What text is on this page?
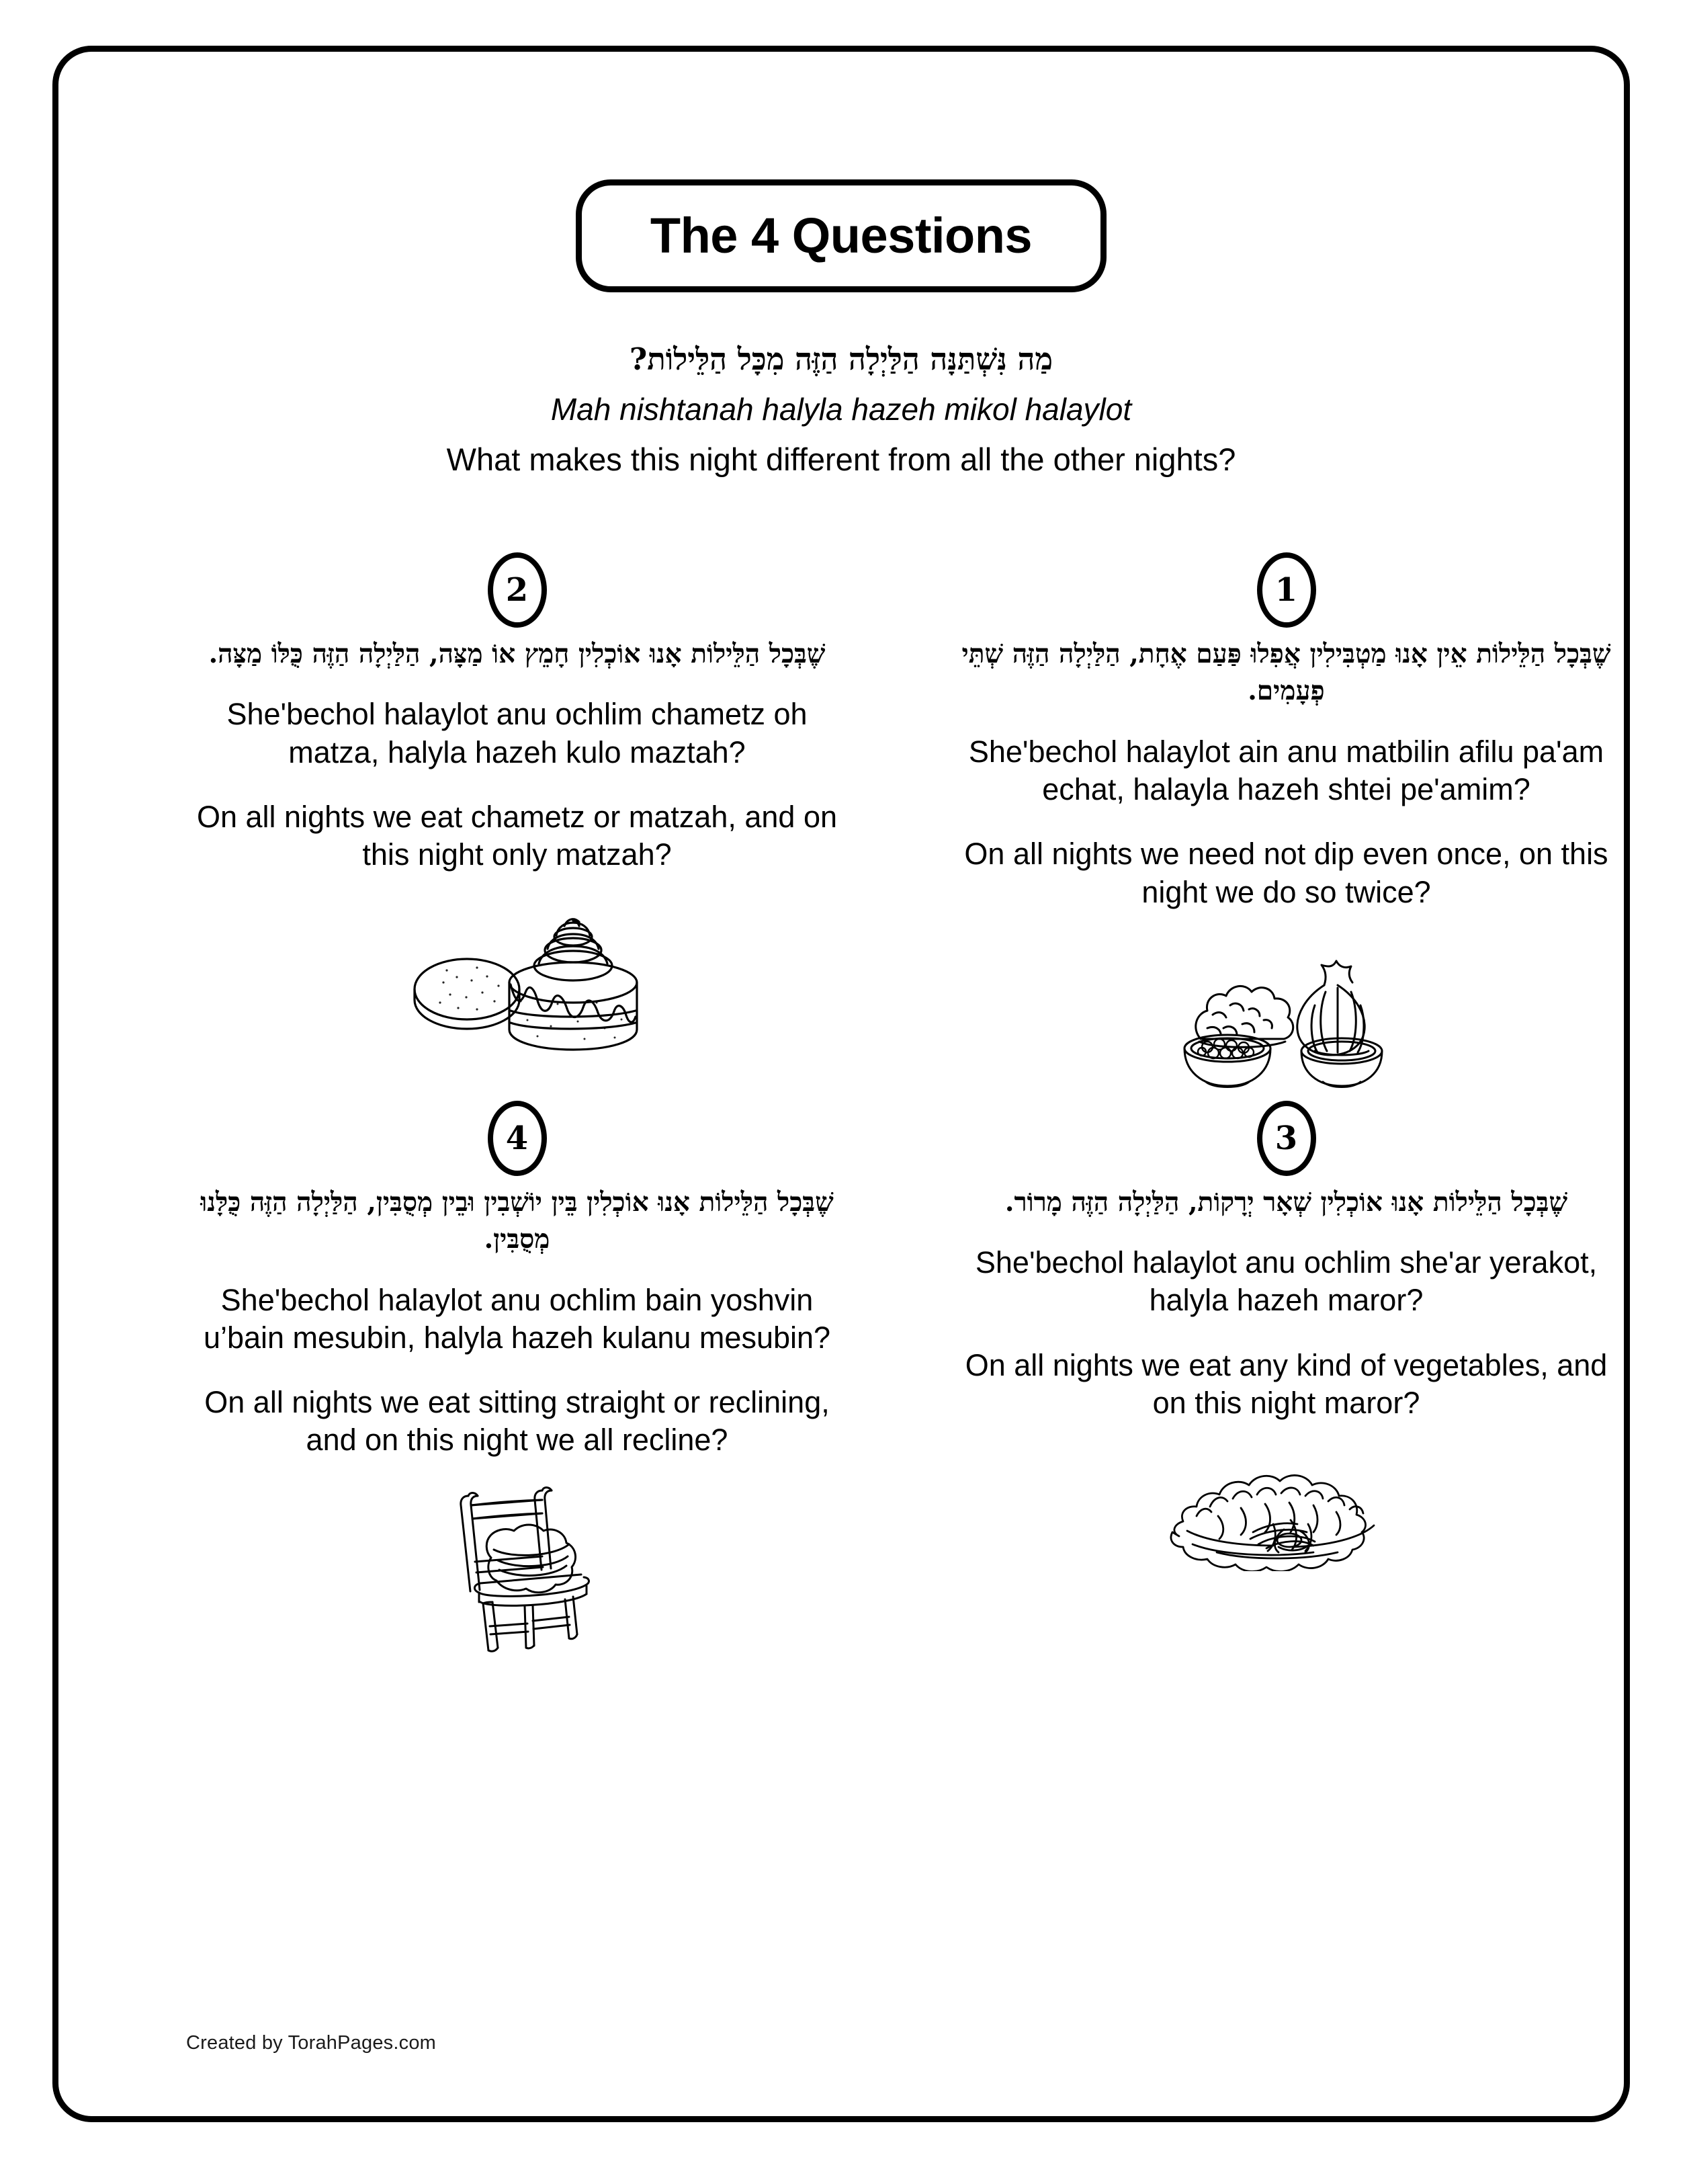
The 4 Questions
מַה נִּשְׁתַּנָּה הַלַּיְלָה הַזֶּה מִכָּל הַלֵּילוֹת?
Mah nishtanah halyla hazeh mikol halaylot
What makes this night different from all the other nights?
2
שֶׁבְּכָל הַלֵּילוֹת אָנוּ אוֹכְלִין חָמֵץ אוֹ מַצָּה, הַלַּיְלָה הַזֶּה כֻּלּוֹ מַצָּה.
She'bechol halaylot anu ochlim chametz oh matza, halyla hazeh kulo maztah?
On all nights we eat chametz or matzah, and on this night only matzah?
1
שֶׁבְּכָל הַלֵּילוֹת אֵין אָנוּ מַטְבִּילִין אֲפִלוּ פַּעַם אֶחָת, הַלַּיְלָה הַזֶּה שְׁתֵּי פְעָמִים.
She'bechol halaylot ain anu matbilin afilu pa'am echat, halayla hazeh shtei pe'amim?
On all nights we need not dip even once, on this night we do so twice?
4
שֶׁבְּכָל הַלֵּילוֹת אָנוּ אוֹכְלִין בֵּין יוֹשְׁבִין וּבֵין מְסֻבִּין, הַלַּיְלָה הַזֶּה כֻּלָּנוּ מְסֻבִּין.
She'bechol halaylot anu ochlim bain yoshvin u’bain mesubin, halyla hazeh kulanu mesubin?
On all nights we eat sitting straight or reclining, and on this night we all recline?
3
שֶׁבְּכָל הַלֵּילוֹת אָנוּ אוֹכְלִין שְׁאָר יְרָקוֹת, הַלַּיְלָה הַזֶּה מָרוֹר.
She'bechol halaylot anu ochlim she'ar yerakot, halyla hazeh maror?
On all nights we eat any kind of vegetables, and on this night maror?
Created by TorahPages.com
